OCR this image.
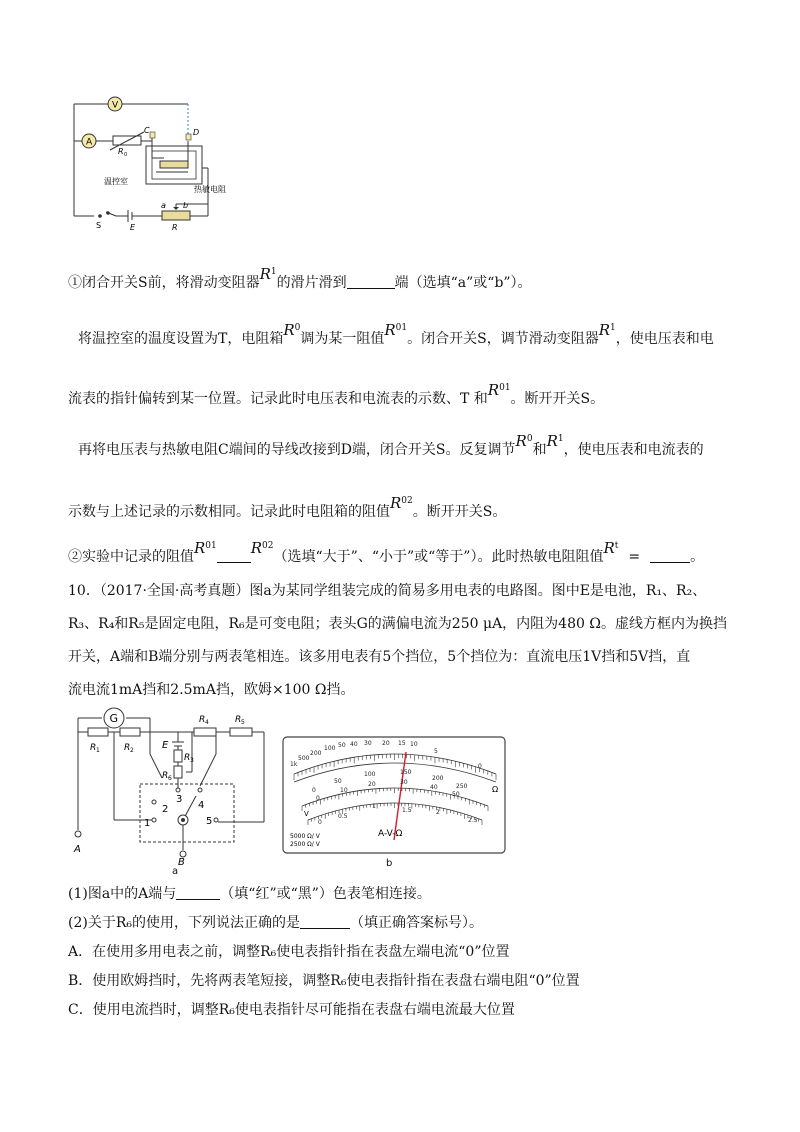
V
A
R 0
C	D
温控室
热敏电阻
S	E
a b
R
①闭合开关S前，将滑动变阻器$R^1$的滑片滑到	端（选填“a”或“b”）。
将温控室的温度设置为T，电阻箱$R^0$调为某一阻值$R^{01}$。闭合开关S，调节滑动变阻器$R^1$，使电压表和电
流表的指针偏转到某一位置。记录此时电压表和电流表的示数、T 和$R^{01}$。断开开关S。
再将电压表与热敏电阻C端间的导线改接到D端，闭合开关S。反复调节$R^0$和$R^1$，使电压表和电流表的
示数与上述记录的示数相同。记录此时电阻箱的阻值$R^{02}$。断开开关S。
②实验中记录的阻值$R^{01}$ $R^{02}$（选填“大于”、“小于”或“等于”）。此时热敏电阻阻值$R^t=$	。
10．（2017·全国·高考真题）图a为某同学组装完成的简易多用电表的电路图。图中E是电池，R₁、R₂、
R₃、R₄和R₅是固定电阻，R₆是可变电阻；表头G的满偏电流为250 μA，内阻为480 Ω。虚线方框内为换挡
开关，A端和B端分别与两表笔相连。该多用电表有5个挡位，5个挡位为：直流电压1V挡和5V挡，直
流电流1mA挡和2.5mA挡，欧姆×100 Ω挡。
G
R 1	R 2
R 4	R 5
E
R 3
R 6
1
2
3
4
5
A
B
a
1k
500
200
100 50 40 30 20 15 10
5
0
0
50
100	150
200
250
0
10
20	30
40
50
0
0.5
1
1.5	2
2.5
Ω
V
A-V-Ω
5000 Ω/ V
2500 Ω/ V
b
(1)图a中的A端与	（填“红”或“黑”）色表笔相连接。
(2)关于R₆的使用，下列说法正确的是	（填正确答案标号）。
A．在使用多用电表之前，调整R₆使电表指针指在表盘左端电流“0”位置
B．使用欧姆挡时，先将两表笔短接，调整R₆使电表指针指在表盘右端电阻“0”位置
C．使用电流挡时，调整R₆使电表指针尽可能指在表盘右端电流最大位置
